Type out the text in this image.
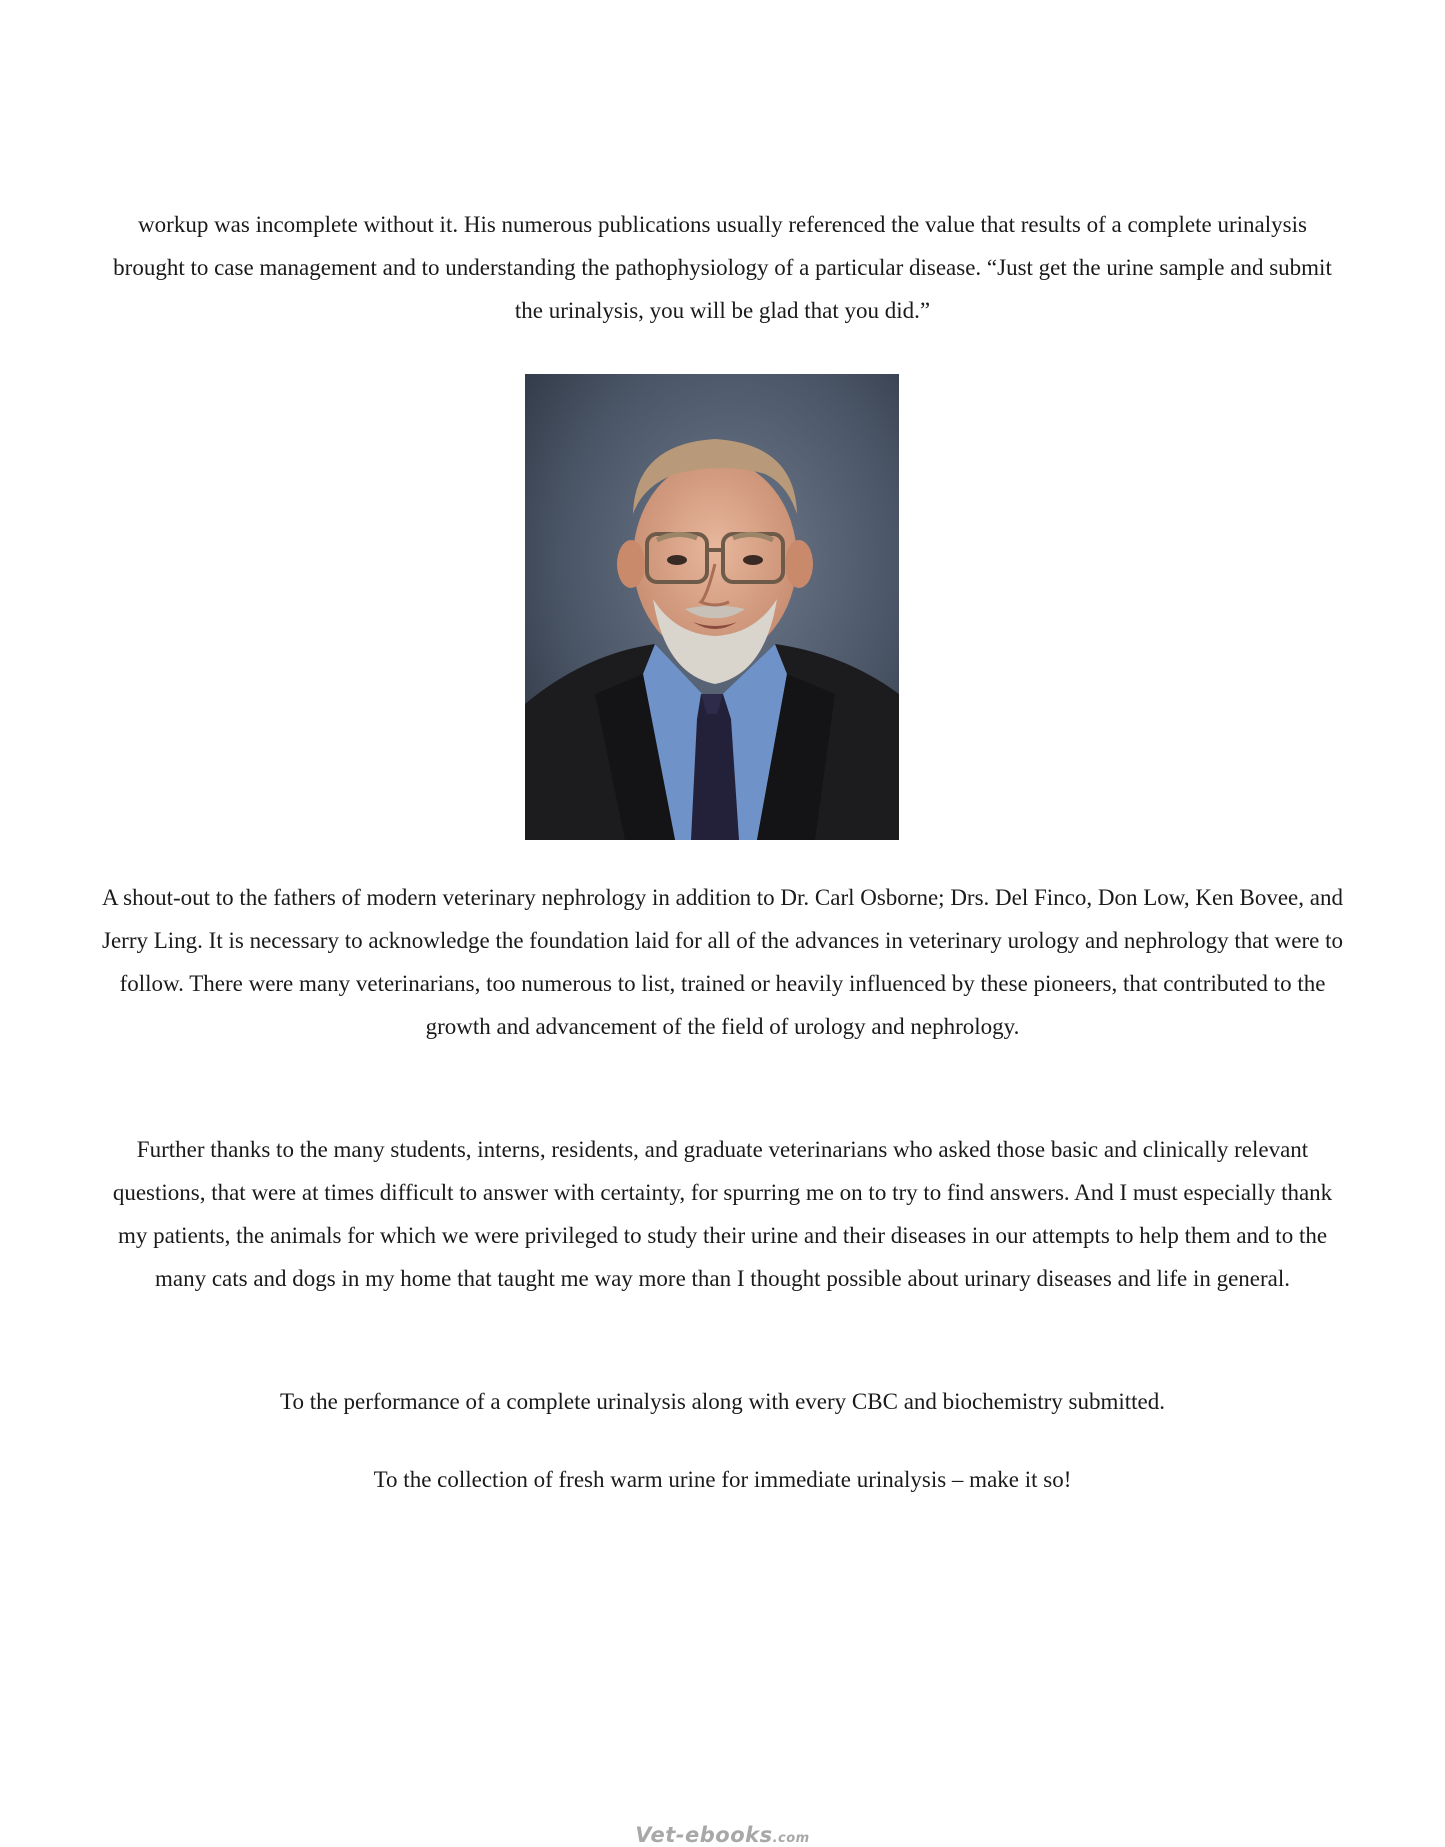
workup was incomplete without it. His numerous publications usually referenced the value that results of a complete urinalysis brought to case management and to understanding the pathophysiology of a particular disease. “Just get the urine sample and submit the urinalysis, you will be glad that you did.”

A shout-out to the fathers of modern veterinary nephrology in addition to Dr. Carl Osborne; Drs. Del Finco, Don Low, Ken Bovee, and Jerry Ling. It is necessary to acknowledge the foundation laid for all of the advances in veterinary urology and nephrology that were to follow. There were many veterinarians, too numerous to list, trained or heavily influenced by these pioneers, that contributed to the growth and advancement of the field of urology and nephrology.

Further thanks to the many students, interns, residents, and graduate veterinarians who asked those basic and clinically relevant questions, that were at times difficult to answer with certainty, for spurring me on to try to find answers. And I must especially thank my patients, the animals for which we were privileged to study their urine and their diseases in our attempts to help them and to the many cats and dogs in my home that taught me way more than I thought possible about urinary diseases and life in general.

To the performance of a complete urinalysis along with every CBC and biochemistry submitted.

To the collection of fresh warm urine for immediate urinalysis – make it so!

Vet-ebooks.com
